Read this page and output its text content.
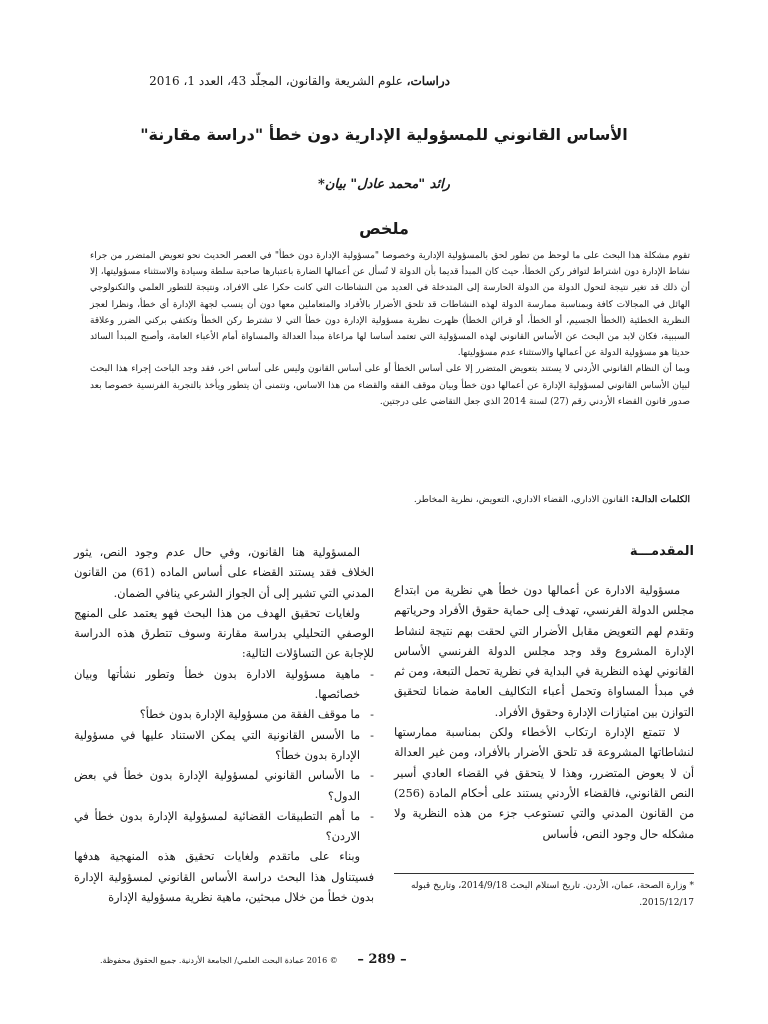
دراسات، علوم الشريعة والقانون، المجلّد 43، العدد 1، 2016
الأساس القانوني للمسؤولية الإدارية دون خطأ "دراسة مقارنة"
رائد "محمد عادل" بيان*
ملخص

تقوم مشكلة هذا البحث على ما لوحظ من تطور لحق بالمسؤولية الإدارية وخصوصا "مسؤولية الإدارة دون خطأ" في العصر الحديث نحو تعويض المتضرر من جراء نشاط الإدارة دون اشتراط لتوافر ركن الخطأ، حيث كان المبدأ قديما بأن الدولة لا تُسأل عن أعمالها الضارة باعتبارها صاحبة سلطة وسيادة والاستثناء مسؤوليتها، إلا أن ذلك قد تغير نتيجة لتحول الدولة من الدولة الحارسة إلى المتدخلة في العديد من النشاطات التي كانت حكرا على الافراد، ونتيجة للتطور العلمي والتكنولوجي الهائل في المجالات كافة وبمناسبة ممارسة الدولة لهذه النشاطات قد تلحق الأضرار بالأفراد والمتعاملين معها دون أن ينسب لجهة الإدارة أي خطأ، ونظرا لعجز النظرية الخطئية (الخطأ الجسيم، أو الخطأ، أو قرائن الخطأ) ظهرت نظرية مسؤولية الإدارة دون خطأ التي لا تشترط ركن الخطأ وتكتفي بركني الضرر وعلاقة السببية، فكان لابد من البحث عن الأساس القانوني لهذه المسؤولية التي تعتمد أساسا لها مراعاة مبدأ العدالة والمساواة أمام الأعباء العامة، وأصبح المبدأ السائد حديثا هو مسؤولية الدولة عن أعمالها والاستثناء عدم مسؤوليتها.

وبما أن النظام القانوني الأردني لا يستند بتعويض المتضرر إلا على أساس الخطأ أو على أساس القانون وليس على أساس اخر، فقد وجد الباحث إجراء هذا البحث لبيان الأساس القانوني لمسؤولية الإدارة عن أعمالها دون خطأ وبيان موقف الفقه والقضاء من هذا الاساس، ونتمنى أن يتطور ويأخذ بالتجربة الفرنسية خصوصا بعد صدور قانون القضاء الأردني رقم (27) لسنة 2014 الذي جعل التقاضي على درجتين.

الكلمات الدالـة: القانون الاداري، القضاء الاداري، التعويض، نظرية المخاطر.
المقدمـــة

مسؤولية الادارة عن أعمالها دون خطأ هي نظرية من ابتداع مجلس الدولة الفرنسي، تهدف إلى حماية حقوق الأفراد وحرياتهم وتقدم لهم التعويض مقابل الأضرار التي لحقت بهم نتيجة لنشاط الإدارة المشروع وقد وجد مجلس الدولة الفرنسي الأساس القانوني لهذه النظرية في البداية في نظرية تحمل التبعة، ومن ثم في مبدأ المساواة وتحمل أعباء التكاليف العامة ضمانا لتحقيق التوازن بين امتيازات الإدارة وحقوق الأفراد.

لا تتمتع الإدارة ارتكاب الأخطاء ولكن بمناسبة ممارستها لنشاطاتها المشروعة قد تلحق الأضرار بالأفراد، ومن غير العدالة أن لا يعوض المتضرر، وهذا لا يتحقق في القضاء العادي أسير النص القانوني، فالقضاء الأردني يستند على أحكام المادة (256) من القانون المدني والتي تستوعب جزء من هذه النظرية ولا مشكله حال وجود النص، فأساس

المسؤولية هنا القانون، وفي حال عدم وجود النص، يثور الخلاف فقد يستند القضاء على أساس الماده (61) من القانون المدني التي تشير إلى أن الجواز الشرعي ينافي الضمان.

ولغايات تحقيق الهدف من هذا البحث فهو يعتمد على المنهج الوصفي التحليلي بدراسة مقارنة وسوف تتطرق هذه الدراسة للإجابة عن التساؤلات التالية:

- ماهية مسؤولية الادارة بدون خطأ وتطور نشأتها وبيان خصائصها.
- ما موقف الفقة من مسؤولية الإدارة بدون خطأ؟
- ما الأسس القانونية التي يمكن الاستناد عليها في مسؤولية الإدارة بدون خطأ؟
- ما الأساس القانوني لمسؤولية الإدارة بدون خطأ في بعض الدول؟
- ما أهم التطبيقات القضائية لمسؤولية الإدارة بدون خطأ في الاردن؟

وبناء على ماتقدم ولغايات تحقيق هذه المنهجية هدفها فسيتناول هذا البحث دراسة الأساس القانوني لمسؤولية الإدارة بدون خطأ من خلال مبحثين، ماهية نظرية مسؤولية الإدارة

* وزارة الصحة، عمان، الأردن. تاريخ استلام البحث 2014/9/18، وتاريخ قبوله 2015/12/17.
© 2016 عمادة البحث العلمي/ الجامعة الأردنية. جميع الحقوق محفوظة.	– 289 –
